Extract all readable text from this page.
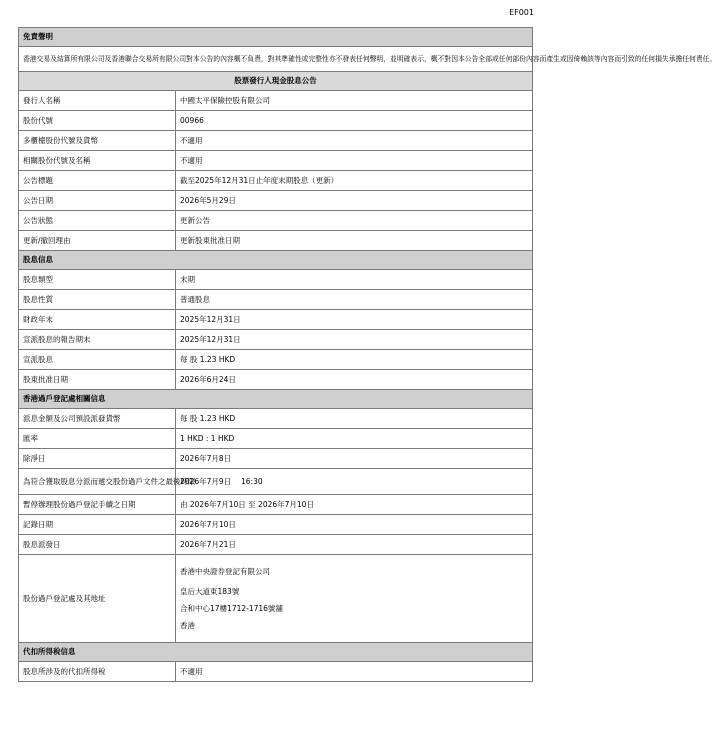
EF001
免責聲明	
香港交易及結算所有限公司及香港聯合交易所有限公司對本公告的內容概不負責，對其準確性或完整性亦不發表任何聲明，並明確表示，概不對因本公告全部或任何部份內容而產生或因倚賴該等內容而引致的任何損失承擔任何責任。	
股票發行人現金股息公告	
發行人名稱	中國太平保險控股有限公司
股份代號	00966
多櫃檯股份代號及貨幣	不適用
相關股份代號及名稱	不適用
公告標題	截至2025年12月31日止年度末期股息（更新）
公告日期	2026年5月29日
公告狀態	更新公告
更新/撤回理由	更新股東批准日期
股息信息	
股息類型	末期
股息性質	普通股息
財政年末	2025年12月31日
宣派股息的報告期末	2025年12月31日
宣派股息	每 股 1.23 HKD
股東批准日期	2026年6月24日
香港過戶登記處相關信息	
派息金額及公司預設派發貨幣	每 股 1.23 HKD
匯率	1 HKD : 1 HKD
除淨日	2026年7月8日
為符合獲取股息分派而遞交股份過戶文件之最後時限	2026年7月9日　 16:30
暫停辦理股份過戶登記手續之日期	由 2026年7月10日 至 2026年7月10日
記錄日期	2026年7月10日
股息派發日	2026年7月21日
股份過戶登記處及其地址	香港中央證券登記有限公司
皇后大道東183號
合和中心17樓1712-1716號舖
香港

代扣所得稅信息	
股息所涉及的代扣所得稅	不適用
